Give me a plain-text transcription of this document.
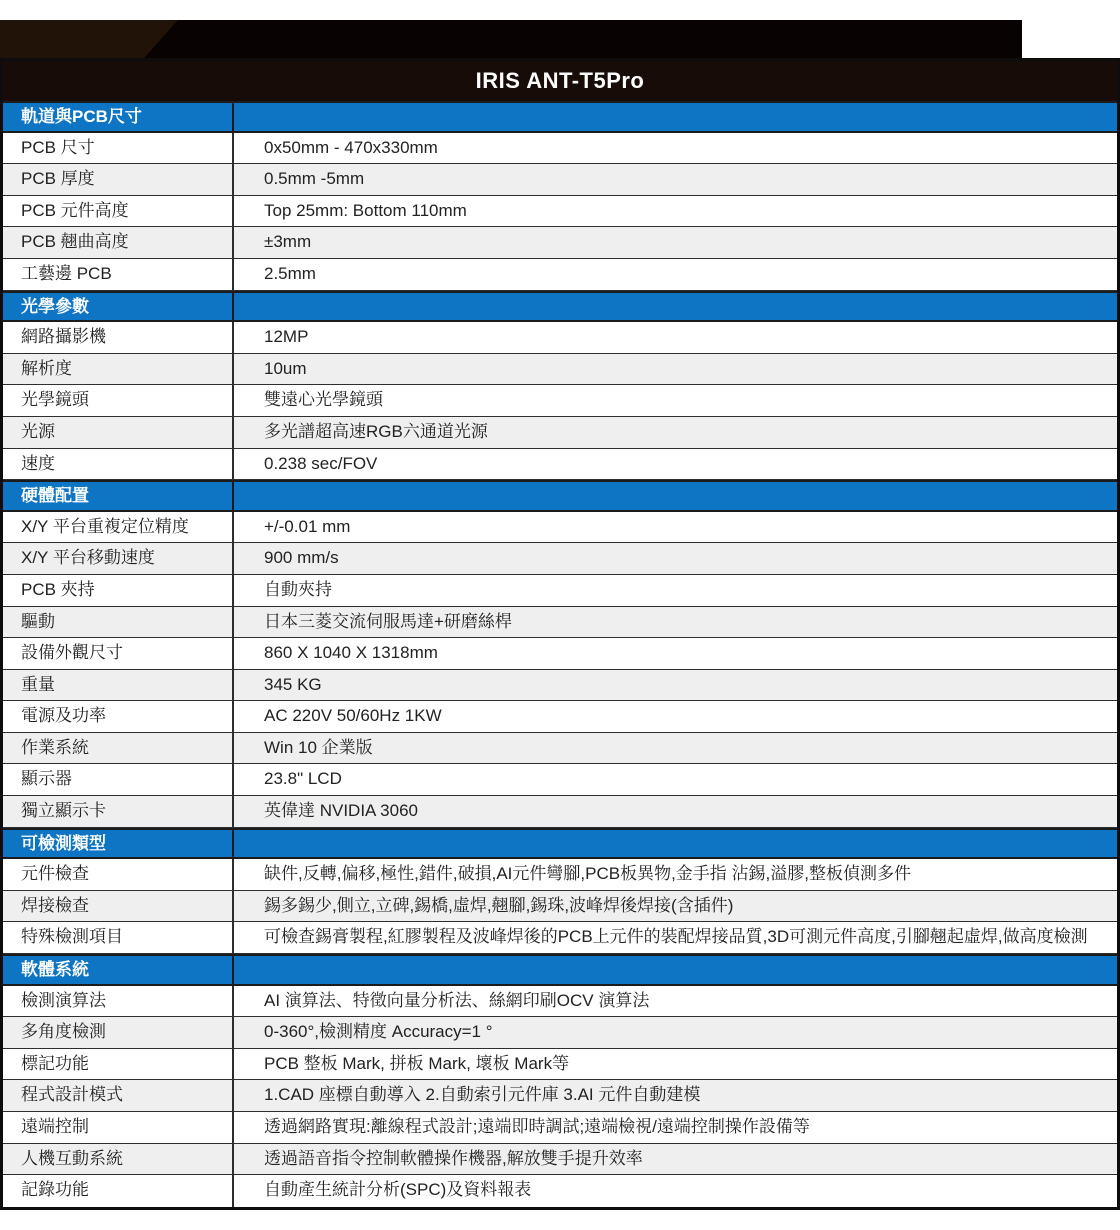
IRIS ANT-T5Pro
軌道與PCB尺寸
PCB 尺寸	0x50mm - 470x330mm
PCB 厚度	0.5mm -5mm
PCB 元件高度	Top 25mm: Bottom 110mm
PCB 翹曲高度	±3mm
工藝邊 PCB	2.5mm
光學參數
網路攝影機	12MP
解析度	10um
光學鏡頭	雙遠心光學鏡頭
光源	多光譜超高速RGB六通道光源
速度	0.238 sec/FOV
硬體配置
X/Y 平台重複定位精度	+/-0.01 mm
X/Y 平台移動速度	900 mm/s
PCB 夾持	自動夾持
驅動	日本三菱交流伺服馬達+研磨絲桿
設備外觀尺寸	860 X 1040 X 1318mm
重量	345 KG
電源及功率	AC 220V 50/60Hz 1KW
作業系統	Win 10 企業版
顯示器	23.8" LCD
獨立顯示卡	英偉達 NVIDIA 3060
可檢測類型
元件檢查	缺件,反轉,偏移,極性,錯件,破損,AI元件彎腳,PCB板異物,金手指 沾錫,溢膠,整板偵測多件
焊接檢查	錫多錫少,側立,立碑,錫橋,虛焊,翹腳,錫珠,波峰焊後焊接(含插件)
特殊檢測項目	可檢查錫膏製程,紅膠製程及波峰焊後的PCB上元件的裝配焊接品質,3D可測元件高度,引腳翹起虛焊,做高度檢測
軟體系統
檢測演算法	AI 演算法、特徵向量分析法、絲網印刷OCV 演算法
多角度檢測	0-360°,檢測精度 Accuracy=1 °
標記功能	PCB 整板 Mark, 拼板 Mark, 壞板 Mark等
程式設計模式	1.CAD 座標自動導入 2.自動索引元件庫 3.AI 元件自動建模
遠端控制	透過網路實現:離線程式設計;遠端即時調試;遠端檢視/遠端控制操作設備等
人機互動系統	透過語音指令控制軟體操作機器,解放雙手提升效率
記錄功能	自動產生統計分析(SPC)及資料報表
